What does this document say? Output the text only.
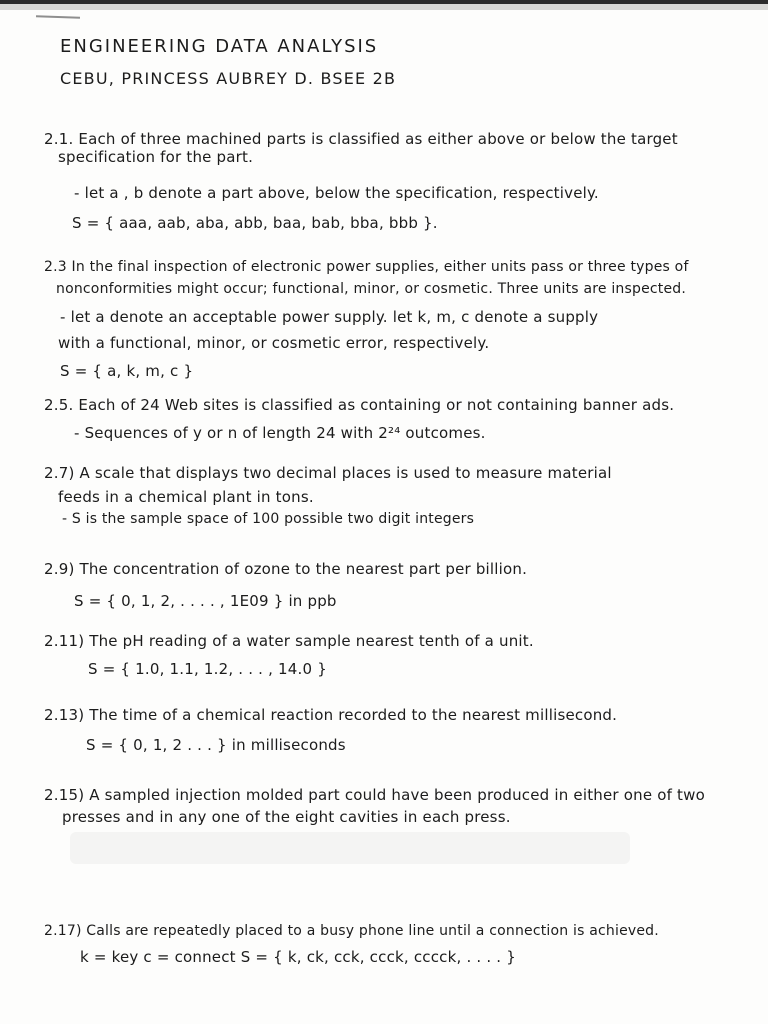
ENGINEERING DATA ANALYSIS
CEBU, PRINCESS AUBREY D. BSEE 2B
2.1. Each of three machined parts is classified as either above or below the target
specification for the part.
- let a , b denote a part above, below the specification, respectively.
S = { aaa, aab, aba, abb, baa, bab, bba, bbb }.
2.3 In the final inspection of electronic power supplies, either units pass or three types of
nonconformities might occur; functional, minor, or cosmetic. Three units are inspected.
- let a denote an acceptable power supply. let k, m, c denote a supply
with a functional, minor, or cosmetic error, respectively.
S = { a, k, m, c }
2.5. Each of 24 Web sites is classified as containing or not containing banner ads.
- Sequences of y or n of length 24 with 2²⁴ outcomes.
2.7) A scale that displays two decimal places is used to measure material
feeds in a chemical plant in tons.
- S is the sample space of 100 possible two digit integers
2.9) The concentration of ozone to the nearest part per billion.
S = { 0, 1, 2, . . . . , 1E09 } in ppb
2.11) The pH reading of a water sample nearest tenth of a unit.
S = { 1.0, 1.1, 1.2, . . . , 14.0 }
2.13) The time of a chemical reaction recorded to the nearest millisecond.
S = { 0, 1, 2 . . . } in milliseconds
2.15) A sampled injection molded part could have been produced in either one of two
presses and in any one of the eight cavities in each press.
2.17) Calls are repeatedly placed to a busy phone line until a connection is achieved.
k = key c = connect S = { k, ck, cck, ccck, cccck, . . . . }
